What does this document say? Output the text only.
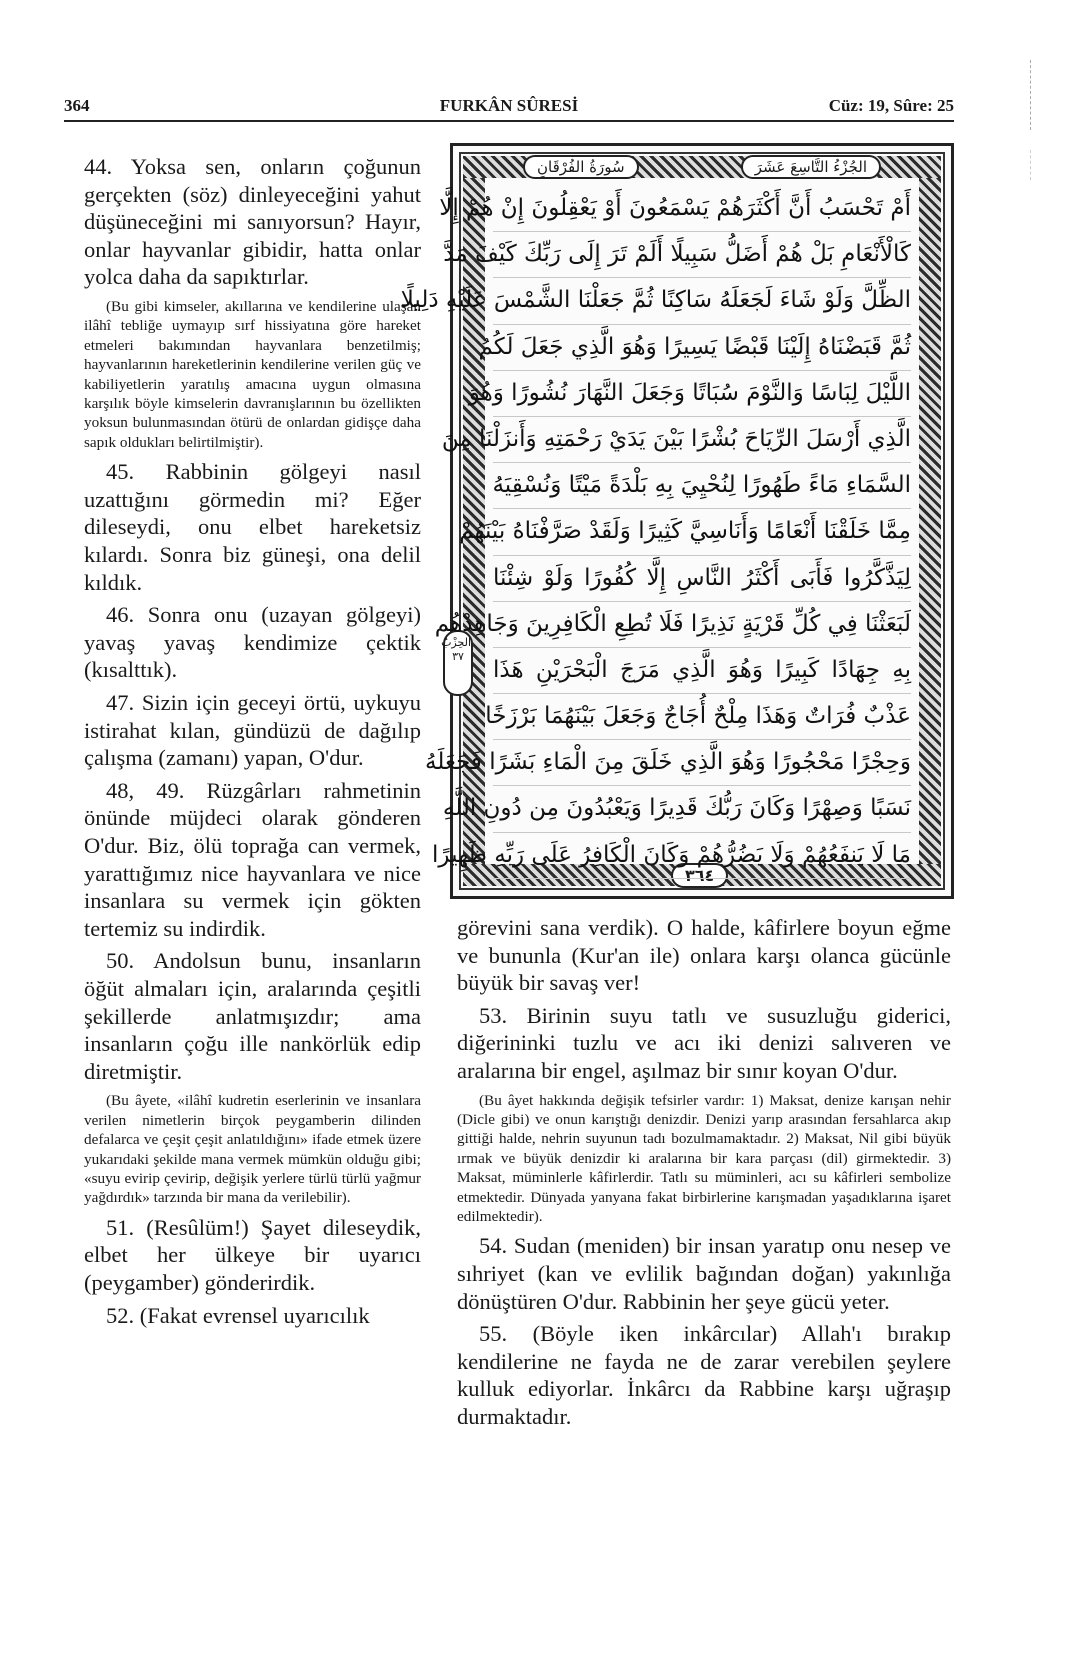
364	FURKÂN SÛRESİ	Cüz: 19, Sûre: 25

44. Yoksa sen, onların çoğunun gerçekten (söz) dinleyeceğini yahut düşüneceğini mi sanıyorsun? Hayır, onlar hayvanlar gibidir, hatta onlar yolca daha da sapıktırlar.

(Bu gibi kimseler, akıllarına ve kendilerine ulaşan ilâhî tebliğe uymayıp sırf hissiyatına göre hareket etmeleri bakımından hayvanlara benzetilmiş; hayvanlarının hareketlerinin kendilerine verilen güç ve kabiliyetlerin yaratılış amacına uygun olmasına karşılık böyle kimselerin davranışlarının bu özellikten yoksun bulunmasından ötürü de onlardan gidişçe daha sapık oldukları belirtilmiştir).

45. Rabbinin gölgeyi nasıl uzattığını görmedin mi? Eğer dileseydi, onu elbet hareketsiz kılardı. Sonra biz güneşi, ona delil kıldık.

46. Sonra onu (uzayan gölgeyi) yavaş yavaş kendimize çektik (kısalttık).

47. Sizin için geceyi örtü, uykuyu istirahat kılan, gündüzü de dağılıp çalışma (zamanı) yapan, O'dur.

48, 49. Rüzgârları rahmetinin önünde müjdeci olarak gönderen O'dur. Biz, ölü toprağa can vermek, yarattığımız nice hayvanlara ve nice insanlara su vermek için gökten tertemiz su indirdik.

50. Andolsun bunu, insanların öğüt almaları için, aralarında çeşitli şekillerde anlatmışızdır; ama insanların çoğu ille nankörlük edip diretmiştir.

(Bu âyete, «ilâhî kudretin eserlerinin ve insanlara verilen nimetlerin birçok peygamberin dilinden defalarca ve çeşit çeşit anlatıldığını» ifade etmek üzere yukarıdaki şekilde mana vermek mümkün olduğu gibi; «suyu evirip çevirip, değişik yerlere türlü türlü yağmur yağdırdık» tarzında bir mana da verilebilir).

51. (Resûlüm!) Şayet dileseydik, elbet her ülkeye bir uyarıcı (peygamber) gönderirdik.

52. (Fakat evrensel uyarıcılık

سُورَةُ الفُرْقَانِ	الجُزْءُ التَّاسِعَ عَشَرَ
٣٦٤
الحِزْبُ ٣٧
أَمْ تَحْسَبُ أَنَّ أَكْثَرَهُمْ يَسْمَعُونَ أَوْ يَعْقِلُونَ إِنْ هُمْ إِلَّا
كَالْأَنْعَامِ بَلْ هُمْ أَضَلُّ سَبِيلًا أَلَمْ تَرَ إِلَى رَبِّكَ كَيْفَ مَدَّ
الظِّلَّ وَلَوْ شَاءَ لَجَعَلَهُ سَاكِنًا ثُمَّ جَعَلْنَا الشَّمْسَ عَلَيْهِ دَلِيلًا
ثُمَّ قَبَضْنَاهُ إِلَيْنَا قَبْضًا يَسِيرًا وَهُوَ الَّذِي جَعَلَ لَكُمُ
اللَّيْلَ لِبَاسًا وَالنَّوْمَ سُبَاتًا وَجَعَلَ النَّهَارَ نُشُورًا وَهُوَ
الَّذِي أَرْسَلَ الرِّيَاحَ بُشْرًا بَيْنَ يَدَيْ رَحْمَتِهِ وَأَنزَلْنَا مِنَ
السَّمَاءِ مَاءً طَهُورًا لِنُحْيِيَ بِهِ بَلْدَةً مَيْتًا وَنُسْقِيَهُ
مِمَّا خَلَقْنَا أَنْعَامًا وَأَنَاسِيَّ كَثِيرًا وَلَقَدْ صَرَّفْنَاهُ بَيْنَهُمْ
لِيَذَّكَّرُوا فَأَبَى أَكْثَرُ النَّاسِ إِلَّا كُفُورًا وَلَوْ شِئْنَا
لَبَعَثْنَا فِي كُلِّ قَرْيَةٍ نَذِيرًا فَلَا تُطِعِ الْكَافِرِينَ وَجَاهِدْهُم
بِهِ جِهَادًا كَبِيرًا وَهُوَ الَّذِي مَرَجَ الْبَحْرَيْنِ هَذَا
عَذْبٌ فُرَاتٌ وَهَذَا مِلْحٌ أُجَاجٌ وَجَعَلَ بَيْنَهُمَا بَرْزَخًا
وَحِجْرًا مَحْجُورًا وَهُوَ الَّذِي خَلَقَ مِنَ الْمَاءِ بَشَرًا فَجَعَلَهُ
نَسَبًا وَصِهْرًا وَكَانَ رَبُّكَ قَدِيرًا وَيَعْبُدُونَ مِن دُونِ اللَّهِ
مَا لَا يَنفَعُهُمْ وَلَا يَضُرُّهُمْ وَكَانَ الْكَافِرُ عَلَى رَبِّهِ ظَهِيرًا

görevini sana verdik). O halde, kâfirlere boyun eğme ve bununla (Kur'an ile) onlara karşı olanca gücünle büyük bir savaş ver!

53. Birinin suyu tatlı ve susuzluğu giderici, diğerininki tuzlu ve acı iki denizi salıveren ve aralarına bir engel, aşılmaz bir sınır koyan O'dur.

(Bu âyet hakkında değişik tefsirler vardır: 1) Maksat, denize karışan nehir (Dicle gibi) ve onun karıştığı denizdir. Denizi yarıp arasından fersahlarca akıp gittiği halde, nehrin suyunun tadı bozulmamaktadır. 2) Maksat, Nil gibi büyük ırmak ve büyük denizdir ki aralarına bir kara parçası (dil) girmektedir. 3) Maksat, müminlerle kâfirlerdir. Tatlı su müminleri, acı su kâfirleri sembolize etmektedir. Dünyada yanyana fakat birbirlerine karışmadan yaşadıklarına işaret edilmektedir).

54. Sudan (meniden) bir insan yaratıp onu nesep ve sıhriyet (kan ve evlilik bağından doğan) yakınlığa dönüştüren O'dur. Rabbinin her şeye gücü yeter.

55. (Böyle iken inkârcılar) Allah'ı bırakıp kendilerine ne fayda ne de zarar verebilen şeylere kulluk ediyorlar. İnkârcı da Rabbine karşı uğraşıp durmaktadır.
